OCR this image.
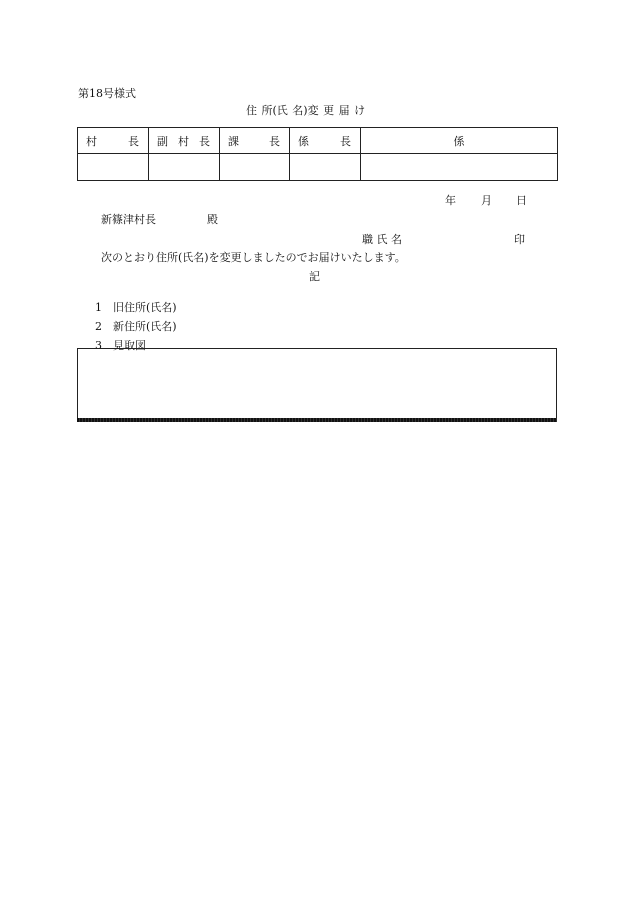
第18号様式
住 所(氏 名)変 更 届 け
村 長	副 村 長	課 長	係 長	係

年 月 日
新篠津村長	殿
職 氏 名	印
次のとおり住所(氏名)を変更しましたのでお届けいたします。
記

1 旧住所(氏名)

2 新住所(氏名)

3 見取図
